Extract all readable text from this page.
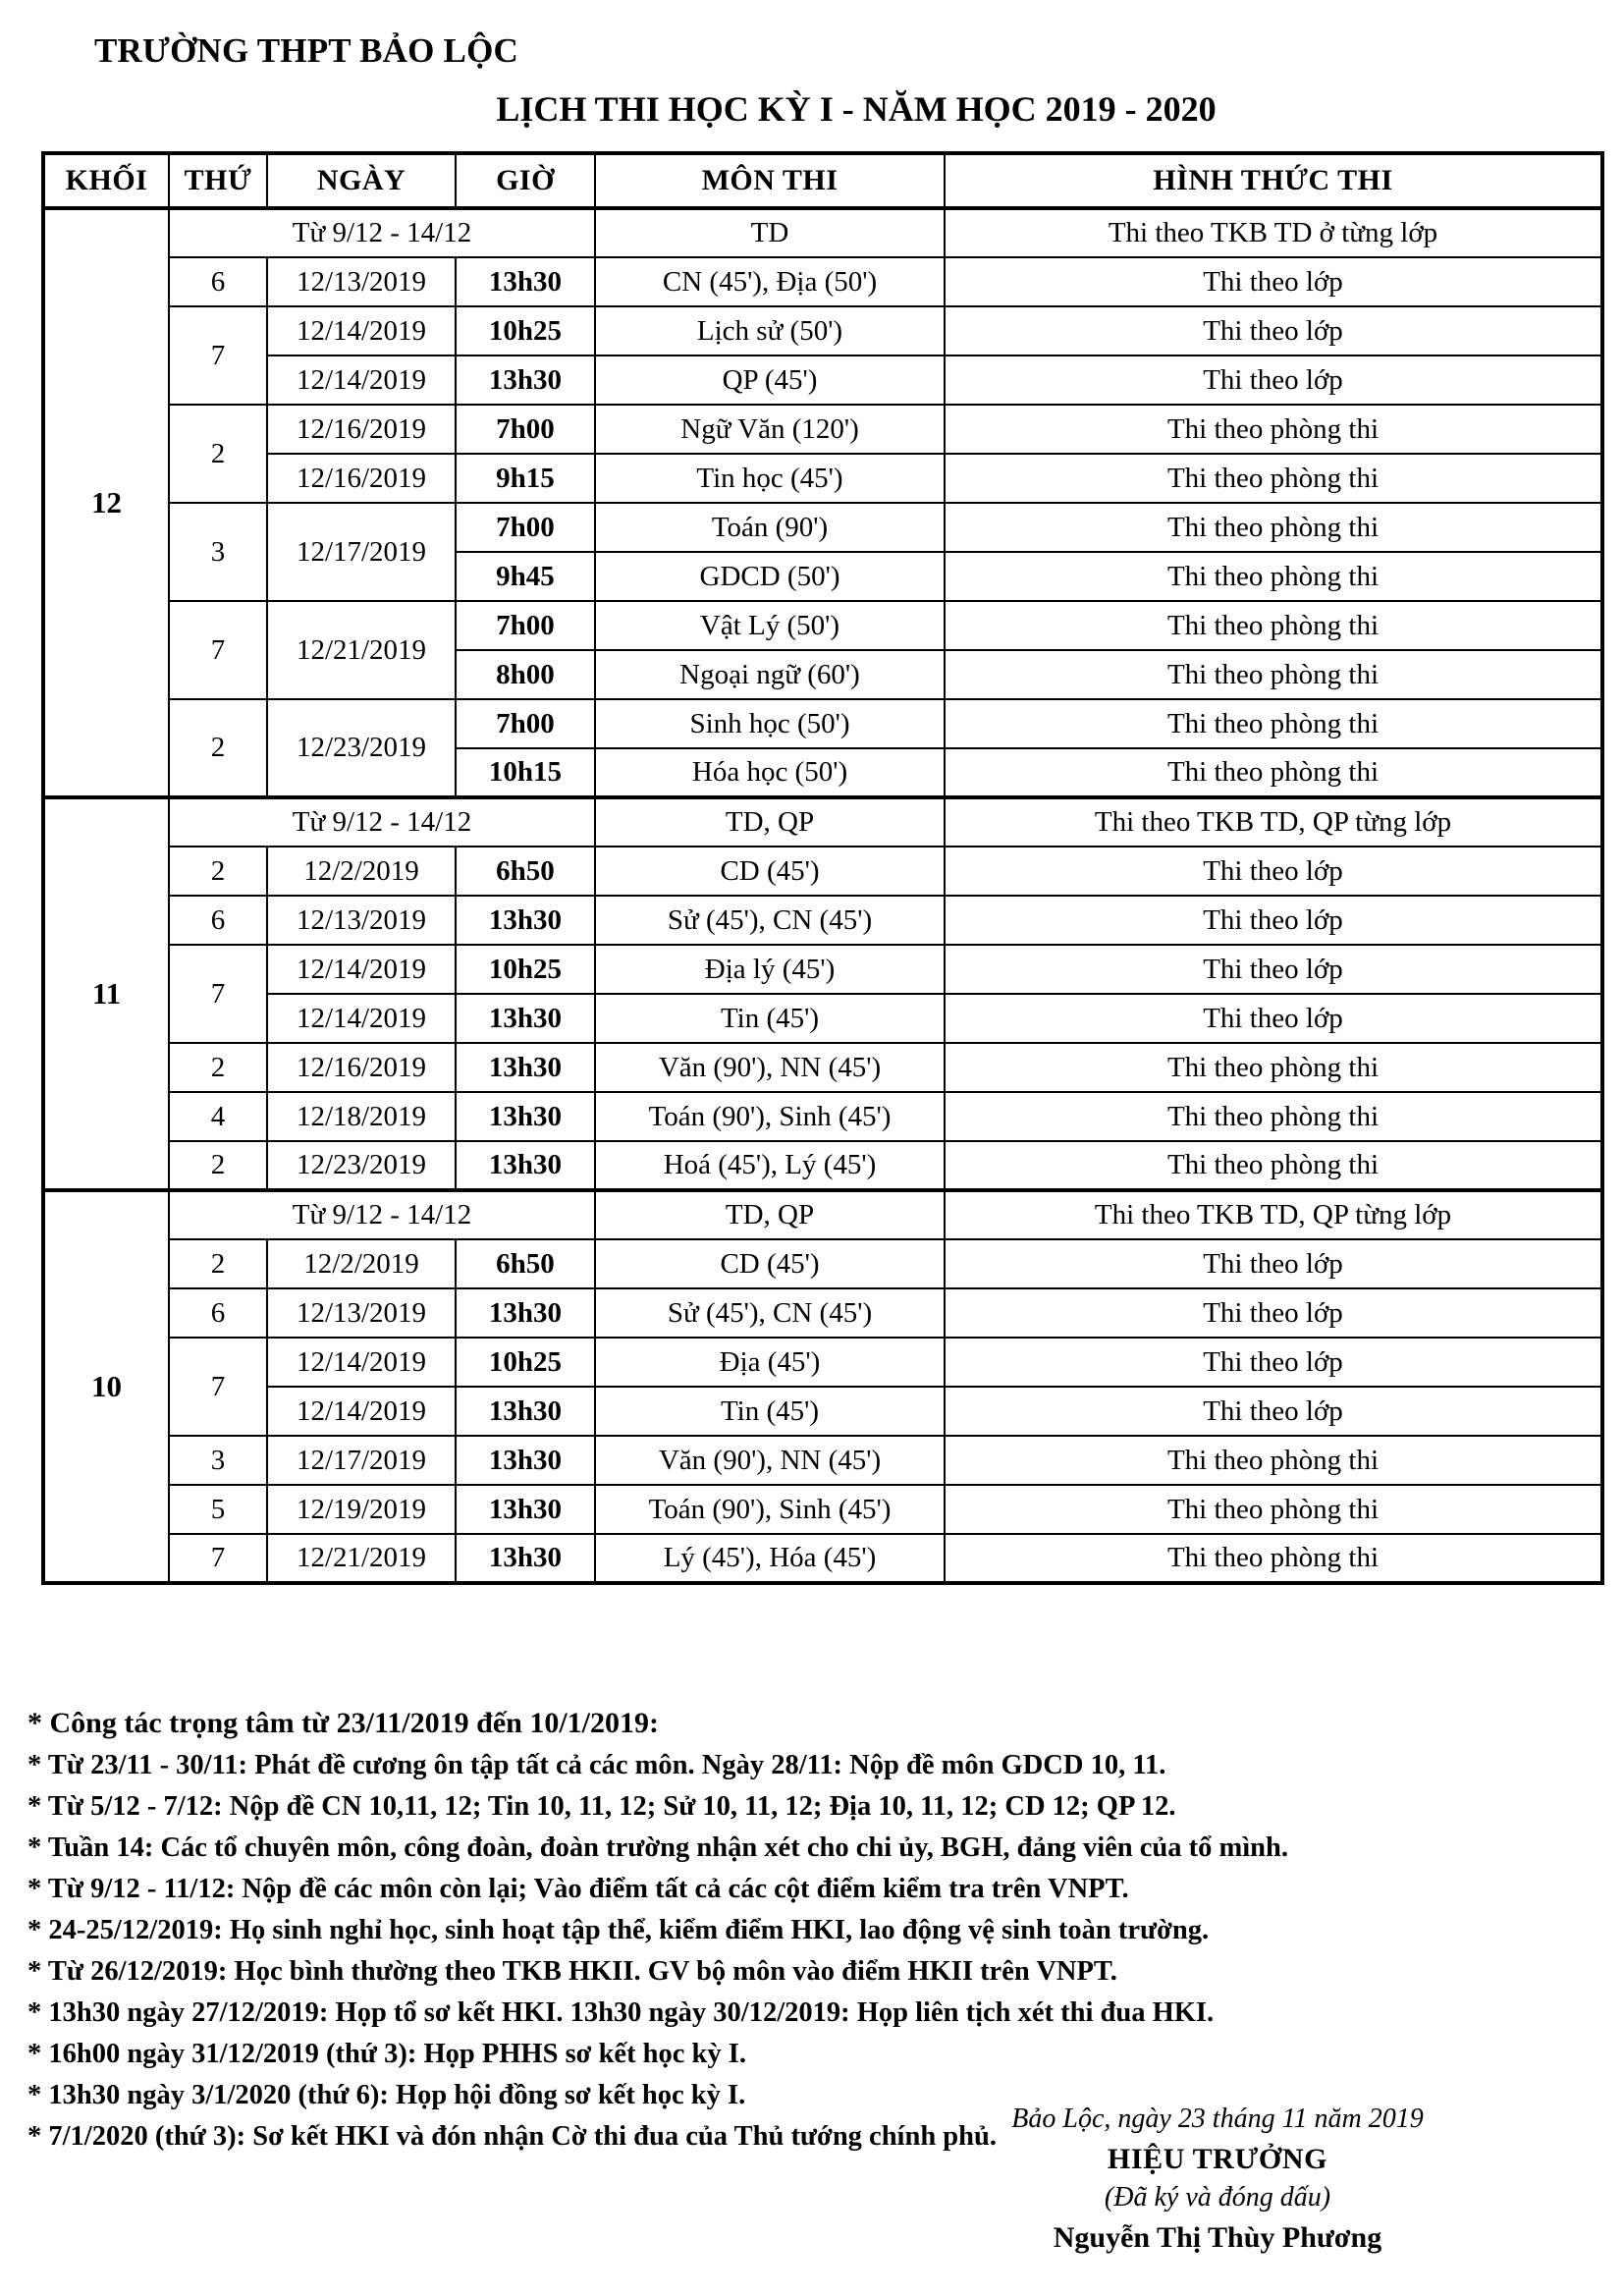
TRƯỜNG THPT BẢO LỘC
LỊCH THI HỌC KỲ I - NĂM HỌC 2019 - 2020
KHỐI	THỨ	NGÀY	GIỜ	MÔN THI	HÌNH THỨC THI
12	Từ 9/12 - 14/12			TD	Thi theo TKB TD ở từng lớp
	6	12/13/2019	13h30	CN (45'), Địa (50')	Thi theo lớp
	7	12/14/2019	10h25	Lịch sử (50')	Thi theo lớp
		12/14/2019	13h30	QP (45')	Thi theo lớp
	2	12/16/2019	7h00	Ngữ Văn (120')	Thi theo phòng thi
		12/16/2019	9h15	Tin học (45')	Thi theo phòng thi
	3	12/17/2019	7h00	Toán (90')	Thi theo phòng thi
			9h45	GDCD (50')	Thi theo phòng thi
	7	12/21/2019	7h00	Vật Lý (50')	Thi theo phòng thi
			8h00	Ngoại ngữ (60')	Thi theo phòng thi
	2	12/23/2019	7h00	Sinh học (50')	Thi theo phòng thi
			10h15	Hóa học (50')	Thi theo phòng thi
11	Từ 9/12 - 14/12			TD, QP	Thi theo TKB TD, QP từng lớp
	2	12/2/2019	6h50	CD (45')	Thi theo lớp
	6	12/13/2019	13h30	Sử (45'), CN (45')	Thi theo lớp
	7	12/14/2019	10h25	Địa lý (45')	Thi theo lớp
		12/14/2019	13h30	Tin (45')	Thi theo lớp
	2	12/16/2019	13h30	Văn (90'), NN (45')	Thi theo phòng thi
	4	12/18/2019	13h30	Toán (90'), Sinh (45')	Thi theo phòng thi
	2	12/23/2019	13h30	Hoá (45'), Lý (45')	Thi theo phòng thi
10	Từ 9/12 - 14/12			TD, QP	Thi theo TKB TD, QP từng lớp
	2	12/2/2019	6h50	CD (45')	Thi theo lớp
	6	12/13/2019	13h30	Sử (45'), CN (45')	Thi theo lớp
	7	12/14/2019	10h25	Địa (45')	Thi theo lớp
		12/14/2019	13h30	Tin (45')	Thi theo lớp
	3	12/17/2019	13h30	Văn (90'), NN (45')	Thi theo phòng thi
	5	12/19/2019	13h30	Toán (90'), Sinh (45')	Thi theo phòng thi
	7	12/21/2019	13h30	Lý (45'), Hóa (45')	Thi theo phòng thi
* Công tác trọng tâm từ 23/11/2019 đến 10/1/2019:
* Từ 23/11 - 30/11: Phát đề cương ôn tập tất cả các môn. Ngày 28/11: Nộp đề môn GDCD 10, 11.
* Từ 5/12 - 7/12: Nộp đề CN 10,11, 12; Tin 10, 11, 12; Sử 10, 11, 12; Địa 10, 11, 12; CD 12; QP 12.
* Tuần 14: Các tổ chuyên môn, công đoàn, đoàn trường nhận xét cho chi ủy, BGH, đảng viên của tổ mình.
* Từ 9/12 - 11/12: Nộp đề các môn còn lại; Vào điểm tất cả các cột điểm kiểm tra trên VNPT.
* 24-25/12/2019: Họ sinh nghỉ học, sinh hoạt tập thể, kiểm điểm HKI, lao động vệ sinh toàn trường.
* Từ 26/12/2019: Học bình thường theo TKB HKII. GV bộ môn vào điểm HKII trên VNPT.
* 13h30 ngày 27/12/2019: Họp tổ sơ kết HKI. 13h30 ngày 30/12/2019: Họp liên tịch xét thi đua HKI.
* 16h00 ngày 31/12/2019 (thứ 3): Họp PHHS sơ kết học kỳ I.
* 13h30 ngày 3/1/2020 (thứ 6): Họp hội đồng sơ kết học kỳ I.
* 7/1/2020 (thứ 3): Sơ kết HKI và đón nhận Cờ thi đua của Thủ tướng chính phủ.
Bảo Lộc, ngày 23 tháng 11 năm 2019
HIỆU TRƯỞNG
(Đã ký và đóng dấu)
Nguyễn Thị Thùy Phương
